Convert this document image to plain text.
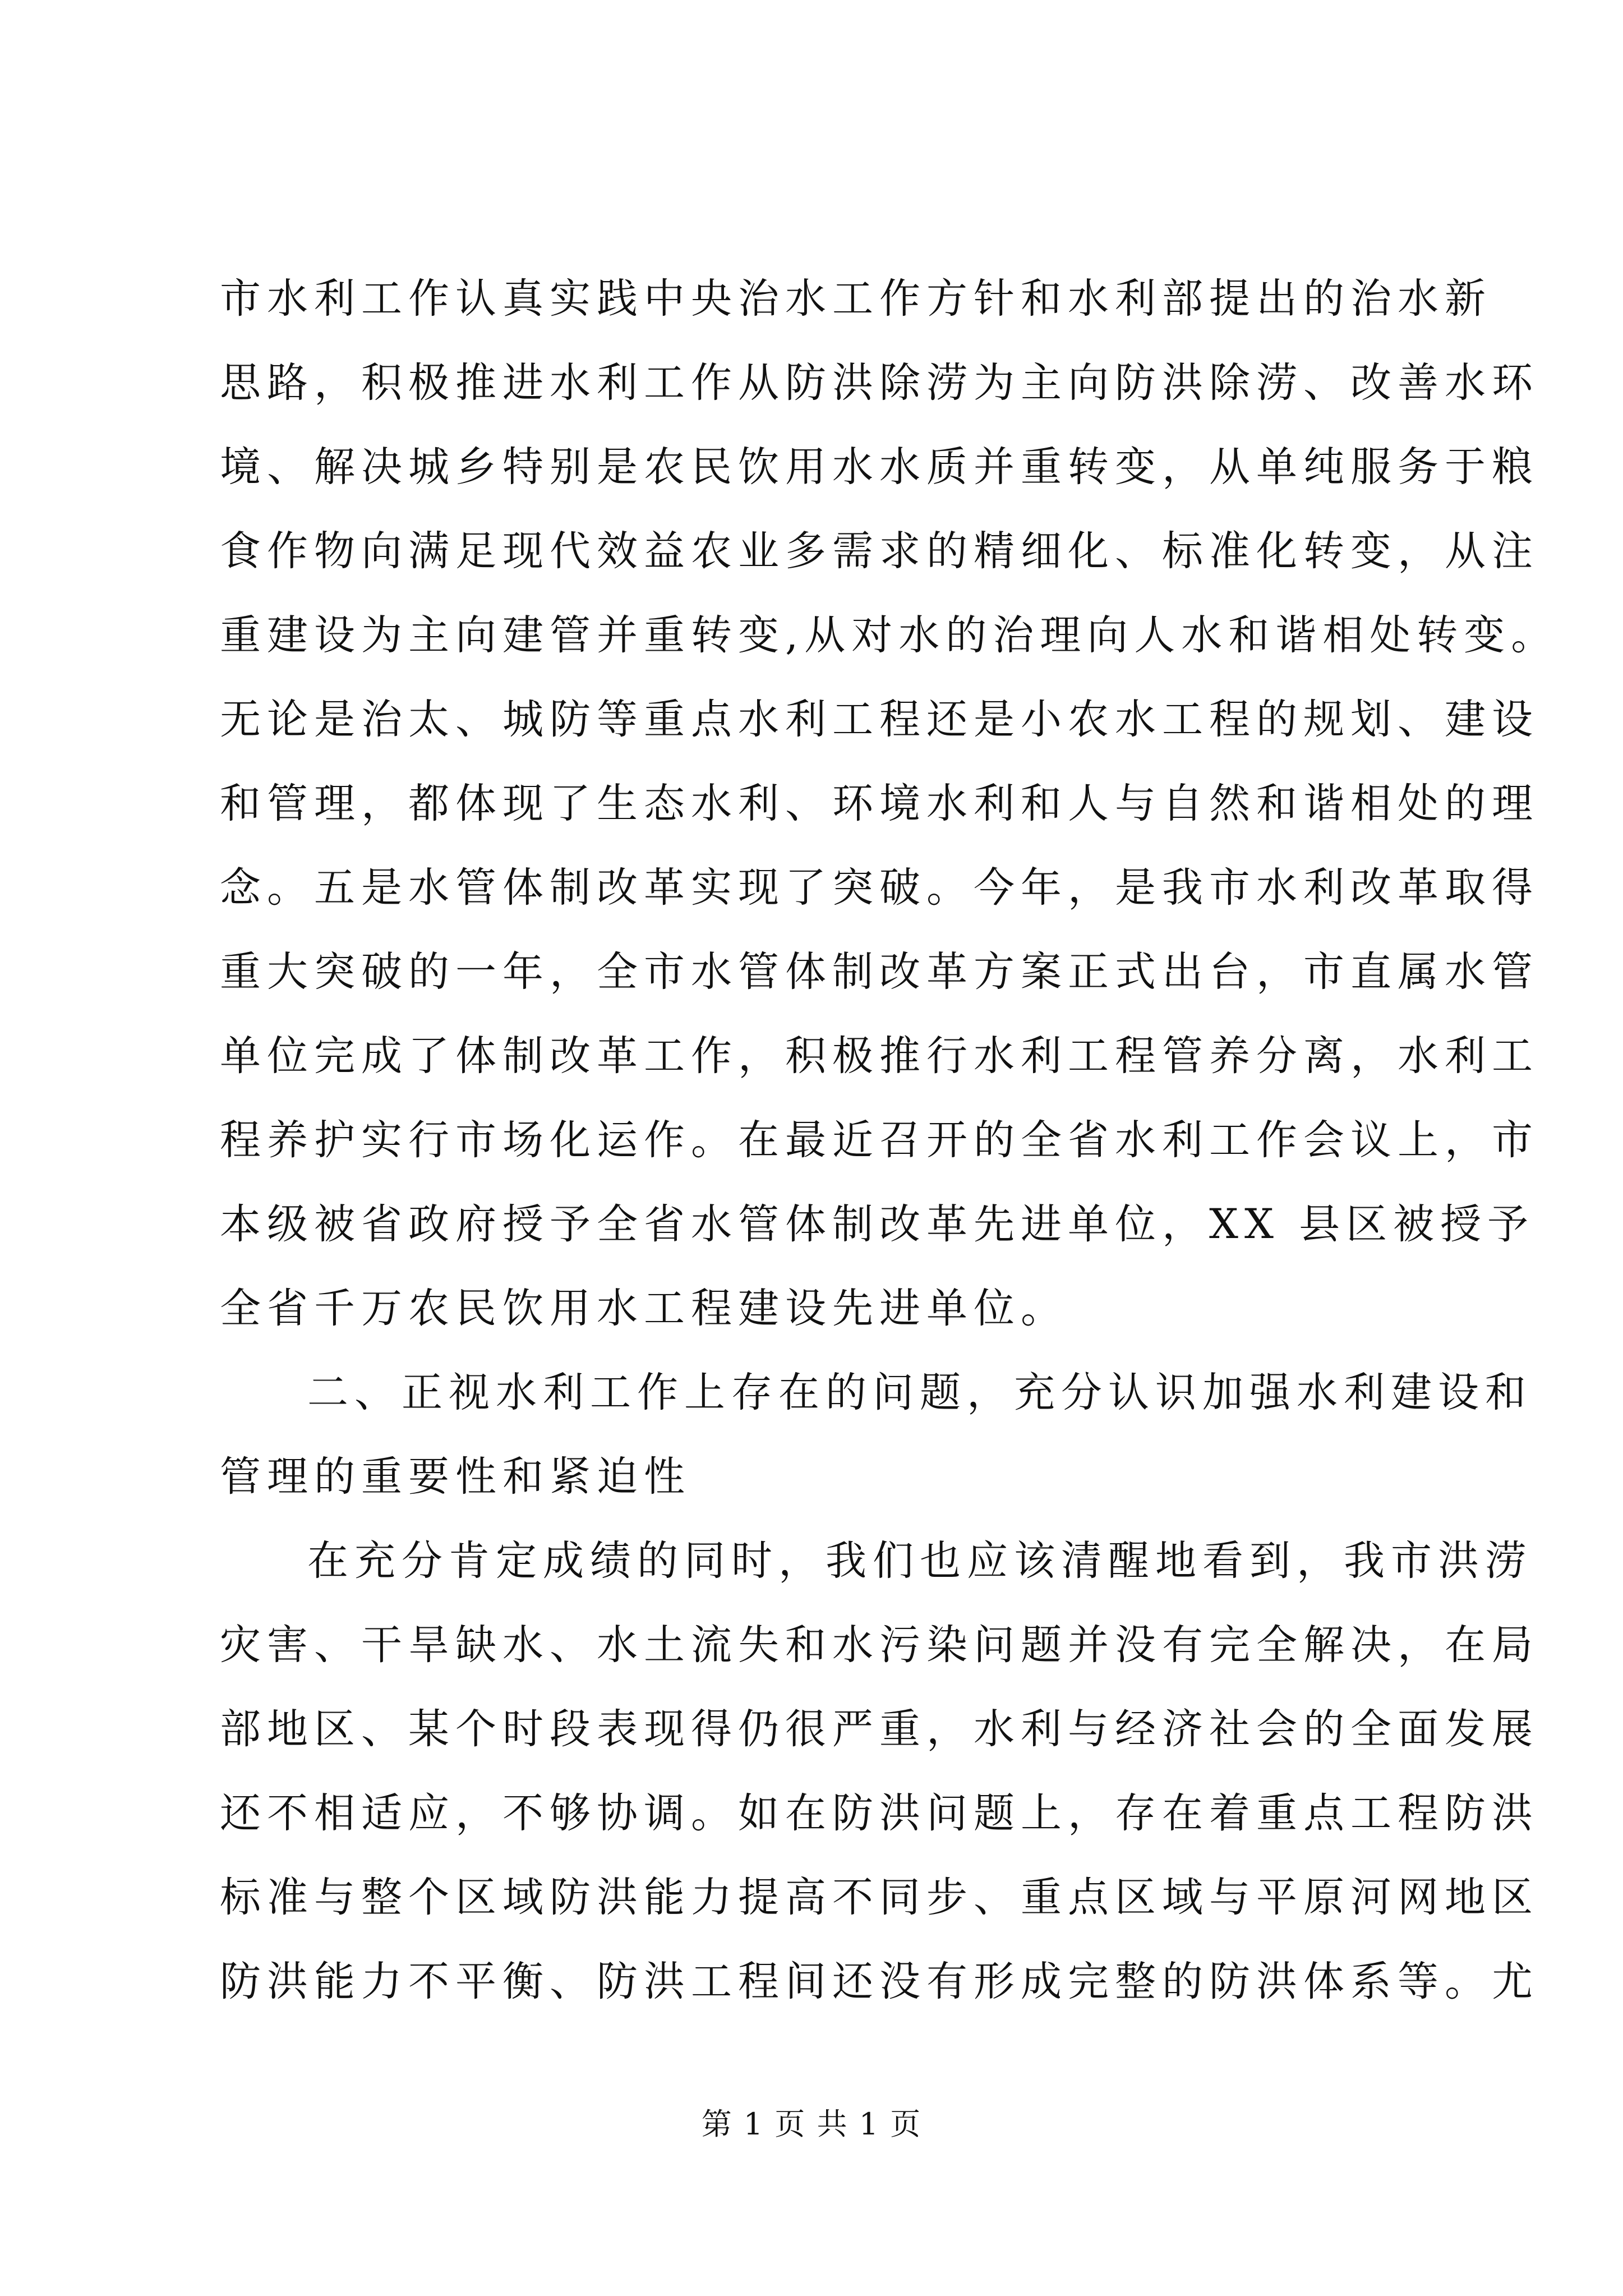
市水利工作认真实践中央治水工作方针和水利部提出的治水新
思路，积极推进水利工作从防洪除涝为主向防洪除涝、改善水环
境、解决城乡特别是农民饮用水水质并重转变，从单纯服务于粮
食作物向满足现代效益农业多需求的精细化、标准化转变，从注
重建设为主向建管并重转变,从对水的治理向人水和谐相处转变。
无论是治太、城防等重点水利工程还是小农水工程的规划、建设
和管理，都体现了生态水利、环境水利和人与自然和谐相处的理
念。五是水管体制改革实现了突破。今年，是我市水利改革取得
重大突破的一年，全市水管体制改革方案正式出台，市直属水管
单位完成了体制改革工作，积极推行水利工程管养分离，水利工
程养护实行市场化运作。在最近召开的全省水利工作会议上，市
本级被省政府授予全省水管体制改革先进单位，XX 县区被授予
全省千万农民饮用水工程建设先进单位。
二、正视水利工作上存在的问题，充分认识加强水利建设和
管理的重要性和紧迫性
在充分肯定成绩的同时，我们也应该清醒地看到，我市洪涝
灾害、干旱缺水、水土流失和水污染问题并没有完全解决，在局
部地区、某个时段表现得仍很严重，水利与经济社会的全面发展
还不相适应，不够协调。如在防洪问题上，存在着重点工程防洪
标准与整个区域防洪能力提高不同步、重点区域与平原河网地区
防洪能力不平衡、防洪工程间还没有形成完整的防洪体系等。尤
第 1 页 共 1 页
